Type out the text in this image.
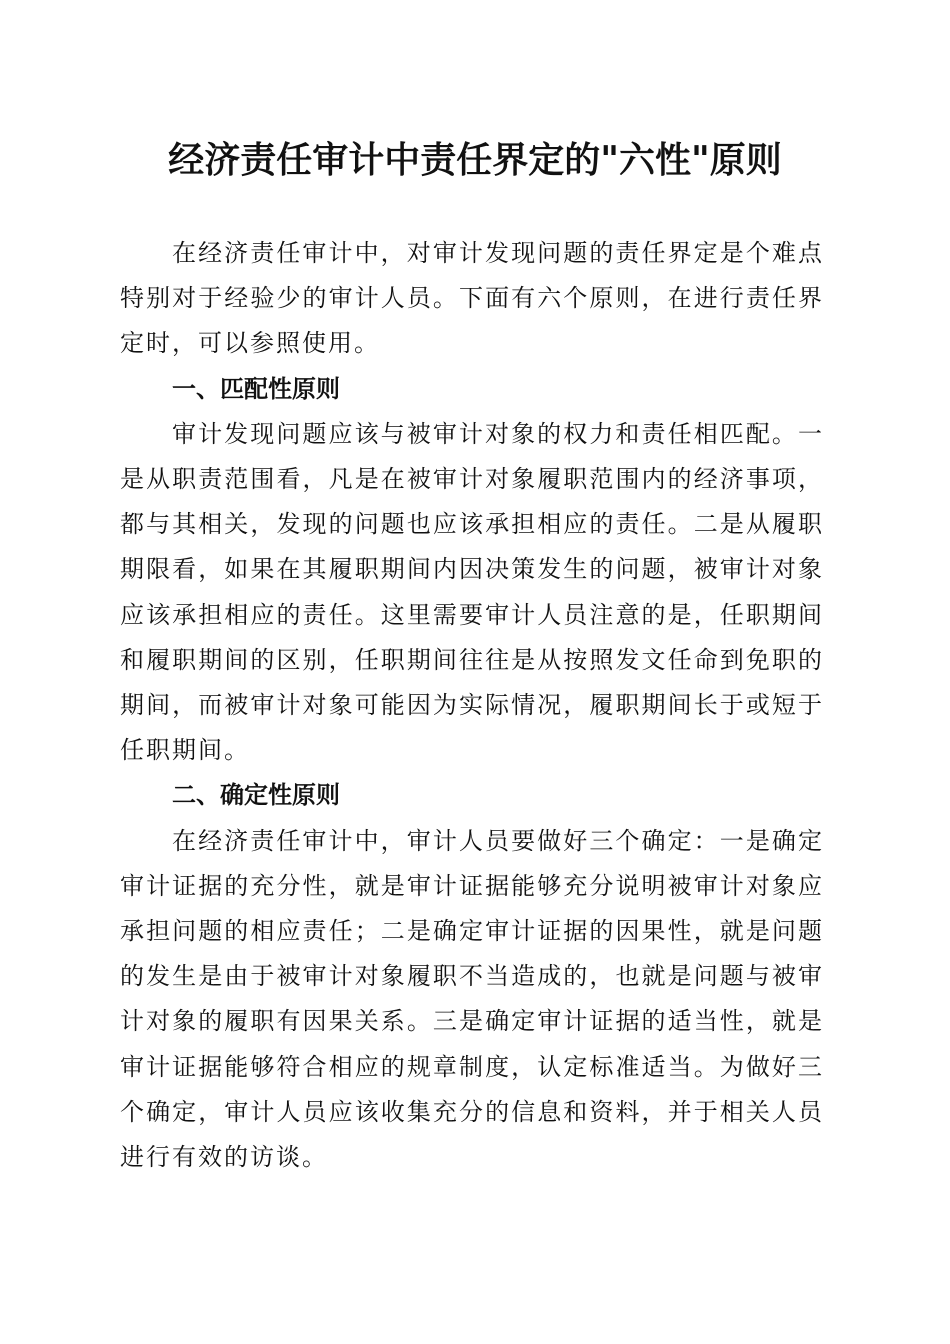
经济责任审计中责任界定的"六性"原则

在经济责任审计中，对审计发现问题的责任界定是个难点特别对于经验少的审计人员。下面有六个原则，在进行责任界定时，可以参照使用。

一、匹配性原则

审计发现问题应该与被审计对象的权力和责任相匹配。一是从职责范围看，凡是在被审计对象履职范围内的经济事项，都与其相关，发现的问题也应该承担相应的责任。二是从履职期限看，如果在其履职期间内因决策发生的问题，被审计对象应该承担相应的责任。这里需要审计人员注意的是，任职期间和履职期间的区别，任职期间往往是从按照发文任命到免职的期间，而被审计对象可能因为实际情况，履职期间长于或短于任职期间。

二、确定性原则

在经济责任审计中，审计人员要做好三个确定：一是确定审计证据的充分性，就是审计证据能够充分说明被审计对象应承担问题的相应责任；二是确定审计证据的因果性，就是问题的发生是由于被审计对象履职不当造成的，也就是问题与被审计对象的履职有因果关系。三是确定审计证据的适当性，就是审计证据能够符合相应的规章制度，认定标准适当。为做好三个确定，审计人员应该收集充分的信息和资料，并于相关人员进行有效的访谈。
